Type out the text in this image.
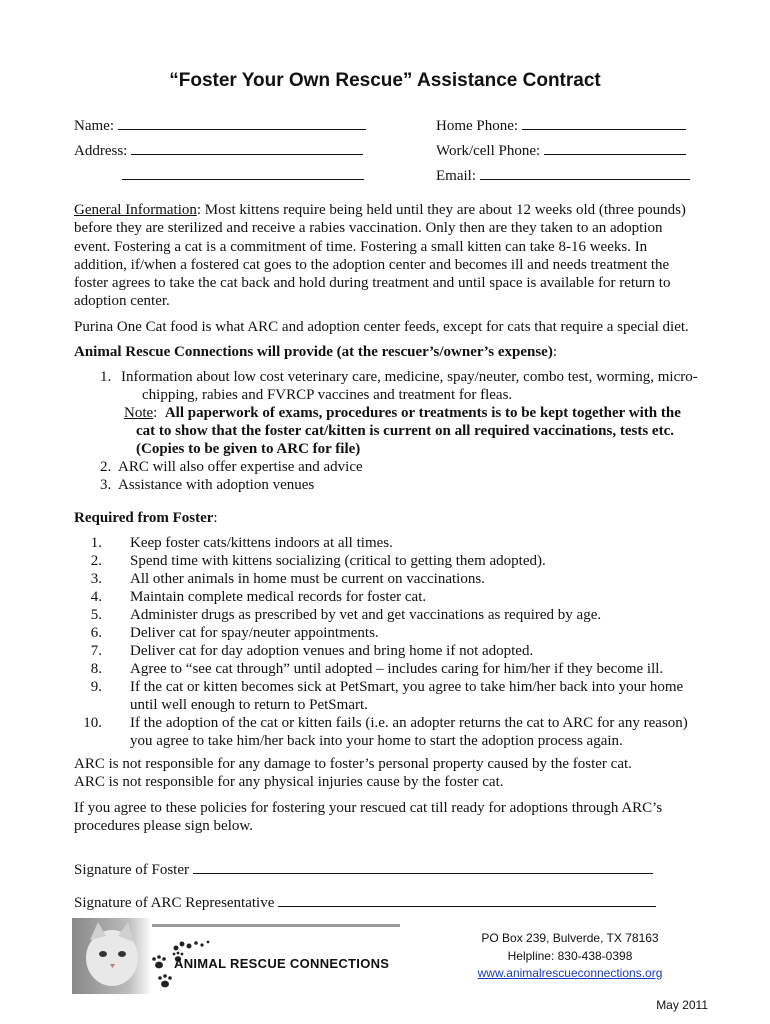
“Foster Your Own Rescue” Assistance Contract
Name:	Home Phone:
Address:	Work/cell Phone:
Email:
General Information: Most kittens require being held until they are about 12 weeks old (three pounds) before they are sterilized and receive a rabies vaccination. Only then are they taken to an adoption event. Fostering a cat is a commitment of time. Fostering a small kitten can take 8-16 weeks. In addition, if/when a fostered cat goes to the adoption center and becomes ill and needs treatment the foster agrees to take the cat back and hold during treatment and until space is available for return to adoption center.
Purina One Cat food is what ARC and adoption center feeds, except for cats that require a special diet.
Animal Rescue Connections will provide (at the rescuer’s/owner’s expense):
1. Information about low cost veterinary care, medicine, spay/neuter, combo test, worming, micro-
chipping, rabies and FVRCP vaccines and treatment for fleas.
Note:  All paperwork of exams, procedures or treatments is to be kept together with the
cat to show that the foster cat/kitten is current on all required vaccinations, tests etc.
(Copies to be given to ARC for file)
2. ARC will also offer expertise and advice
3. Assistance with adoption venues
Required from Foster:
1. Keep foster cats/kittens indoors at all times.
2. Spend time with kittens socializing (critical to getting them adopted).
3. All other animals in home must be current on vaccinations.
4. Maintain complete medical records for foster cat.
5. Administer drugs as prescribed by vet and get vaccinations as required by age.
6. Deliver cat for spay/neuter appointments.
7. Deliver cat for day adoption venues and bring home if not adopted.
8. Agree to “see cat through” until adopted – includes caring for him/her if they become ill.
9. If the cat or kitten becomes sick at PetSmart, you agree to take him/her back into your home
until well enough to return to PetSmart.
10. If the adoption of the cat or kitten fails (i.e. an adopter returns the cat to ARC for any reason)
you agree to take him/her back into your home to start the adoption process again.
ARC is not responsible for any damage to foster’s personal property caused by the foster cat.
ARC is not responsible for any physical injuries cause by the foster cat.
If you agree to these policies for fostering your rescued cat till ready for adoptions through ARC’s procedures please sign below.
Signature of Foster
Signature of ARC Representative
ANIMAL RESCUE CONNECTIONS
PO Box 239, Bulverde, TX 78163
Helpline: 830-438-0398
www.animalrescueconnections.org
May 2011
